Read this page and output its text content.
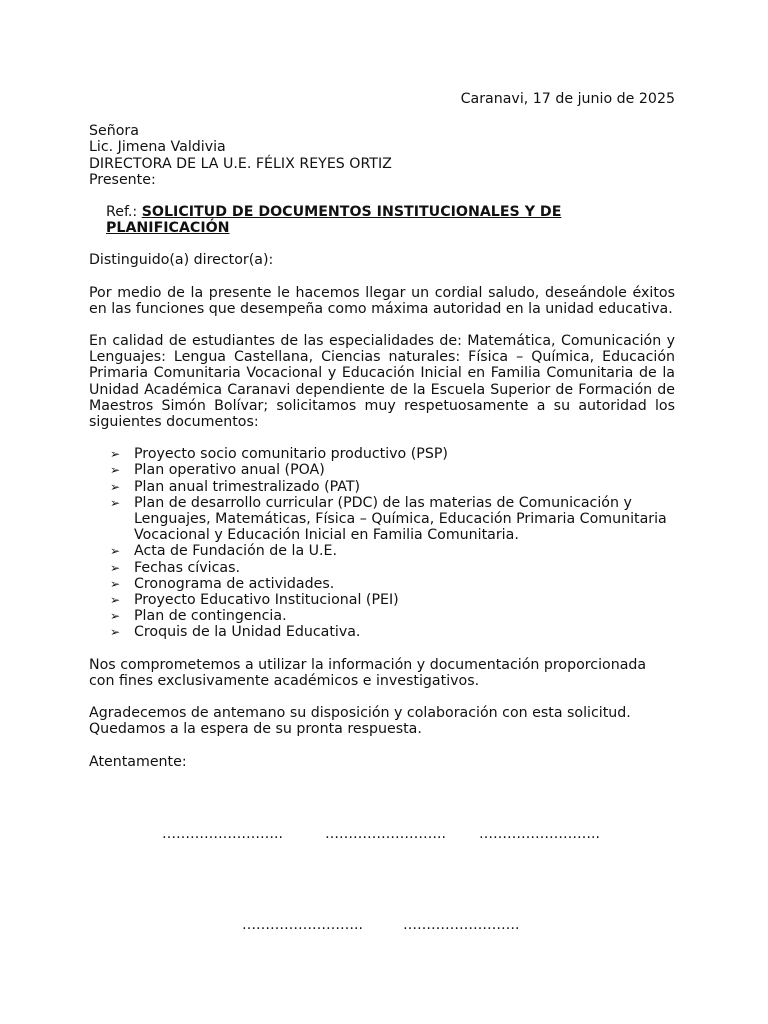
Caranavi, 17 de junio de 2025

Señora

Lic. Jimena Valdivia

DIRECTORA DE LA U.E. FÉLIX REYES ORTIZ

Presente:

Ref.: SOLICITUD DE DOCUMENTOS INSTITUCIONALES Y DE PLANIFICACIÓN

Distinguido(a) director(a):

Por medio de la presente le hacemos llegar un cordial saludo, deseándole éxitos en las funciones que desempeña como máxima autoridad en la unidad educativa.

En calidad de estudiantes de las especialidades de: Matemática, Comunicación y Lenguajes: Lengua Castellana, Ciencias naturales: Física – Química, Educación Primaria Comunitaria Vocacional y Educación Inicial en Familia Comunitaria de la Unidad Académica Caranavi dependiente de la Escuela Superior de Formación de Maestros Simón Bolívar; solicitamos muy respetuosamente a su autoridad los siguientes documentos:

➢ Proyecto socio comunitario productivo (PSP)
➢ Plan operativo anual (POA)
➢ Plan anual trimestralizado (PAT)
➢ Plan de desarrollo curricular (PDC) de las materias de Comunicación y Lenguajes, Matemáticas, Física – Química, Educación Primaria Comunitaria Vocacional y Educación Inicial en Familia Comunitaria.
➢ Acta de Fundación de la U.E.
➢ Fechas cívicas.
➢ Cronograma de actividades.
➢ Proyecto Educativo Institucional (PEI)
➢ Plan de contingencia.
➢ Croquis de la Unidad Educativa.

Nos comprometemos a utilizar la información y documentación proporcionada con fines exclusivamente académicos e investigativos.

Agradecemos de antemano su disposición y colaboración con esta solicitud.

Quedamos a la espera de su pronta respuesta.

Atentamente:

……………………..	…………………….. ……………………..
……………………..	…………………….
